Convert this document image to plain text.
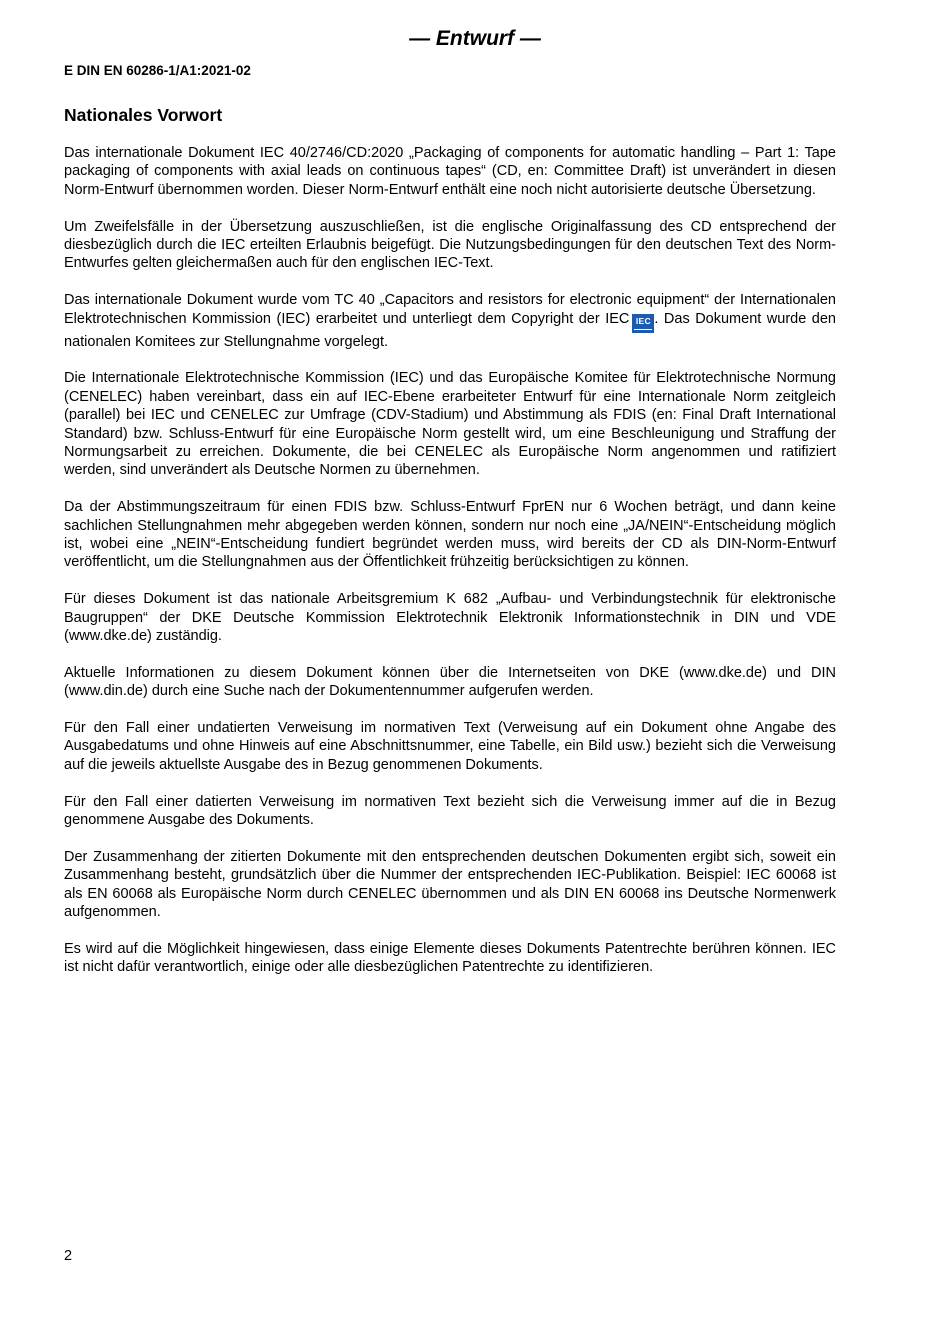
— Entwurf —
E DIN EN 60286-1/A1:2021-02
Nationales Vorwort

Das internationale Dokument IEC 40/2746/CD:2020 „Packaging of components for automatic handling – Part 1: Tape packaging of components with axial leads on continuous tapes“ (CD, en: Committee Draft) ist unverändert in diesen Norm-Entwurf übernommen worden. Dieser Norm-Entwurf enthält eine noch nicht autorisierte deutsche Übersetzung.

Um Zweifelsfälle in der Übersetzung auszuschließen, ist die englische Originalfassung des CD entsprechend der diesbezüglich durch die IEC erteilten Erlaubnis beigefügt. Die Nutzungsbedingungen für den deutschen Text des Norm-Entwurfes gelten gleichermaßen auch für den englischen IEC-Text.

Das internationale Dokument wurde vom TC 40 „Capacitors and resistors for electronic equipment“ der Internationalen Elektrotechnischen Kommission (IEC) erarbeitet und unterliegt dem Copyright der IEC IEC . Das Dokument wurde den nationalen Komitees zur Stellungnahme vorgelegt.

Die Internationale Elektrotechnische Kommission (IEC) und das Europäische Komitee für Elektrotechnische Normung (CENELEC) haben vereinbart, dass ein auf IEC-Ebene erarbeiteter Entwurf für eine Internationale Norm zeitgleich (parallel) bei IEC und CENELEC zur Umfrage (CDV-Stadium) und Abstimmung als FDIS (en: Final Draft International Standard) bzw. Schluss-Entwurf für eine Europäische Norm gestellt wird, um eine Beschleunigung und Straffung der Normungsarbeit zu erreichen. Dokumente, die bei CENELEC als Europäische Norm angenommen und ratifiziert werden, sind unverändert als Deutsche Normen zu übernehmen.

Da der Abstimmungszeitraum für einen FDIS bzw. Schluss-Entwurf FprEN nur 6 Wochen beträgt, und dann keine sachlichen Stellungnahmen mehr abgegeben werden können, sondern nur noch eine „JA/NEIN“-Entscheidung möglich ist, wobei eine „NEIN“-Entscheidung fundiert begründet werden muss, wird bereits der CD als DIN-Norm-Entwurf veröffentlicht, um die Stellungnahmen aus der Öffentlichkeit frühzeitig berücksichtigen zu können.

Für dieses Dokument ist das nationale Arbeitsgremium K 682 „Aufbau- und Verbindungstechnik für elektronische Baugruppen“ der DKE Deutsche Kommission Elektrotechnik Elektronik Informationstechnik in DIN und VDE (www.dke.de) zuständig.

Aktuelle Informationen zu diesem Dokument können über die Internetseiten von DKE (www.dke.de) und DIN (www.din.de) durch eine Suche nach der Dokumentennummer aufgerufen werden.

Für den Fall einer undatierten Verweisung im normativen Text (Verweisung auf ein Dokument ohne Angabe des Ausgabedatums und ohne Hinweis auf eine Abschnittsnummer, eine Tabelle, ein Bild usw.) bezieht sich die Verweisung auf die jeweils aktuellste Ausgabe des in Bezug genommenen Dokuments.

Für den Fall einer datierten Verweisung im normativen Text bezieht sich die Verweisung immer auf die in Bezug genommene Ausgabe des Dokuments.

Der Zusammenhang der zitierten Dokumente mit den entsprechenden deutschen Dokumenten ergibt sich, soweit ein Zusammenhang besteht, grundsätzlich über die Nummer der entsprechenden IEC-Publikation. Beispiel: IEC 60068 ist als EN 60068 als Europäische Norm durch CENELEC übernommen und als DIN EN 60068 ins Deutsche Normenwerk aufgenommen.

Es wird auf die Möglichkeit hingewiesen, dass einige Elemente dieses Dokuments Patentrechte berühren können. IEC ist nicht dafür verantwortlich, einige oder alle diesbezüglichen Patentrechte zu identifizieren.

2
